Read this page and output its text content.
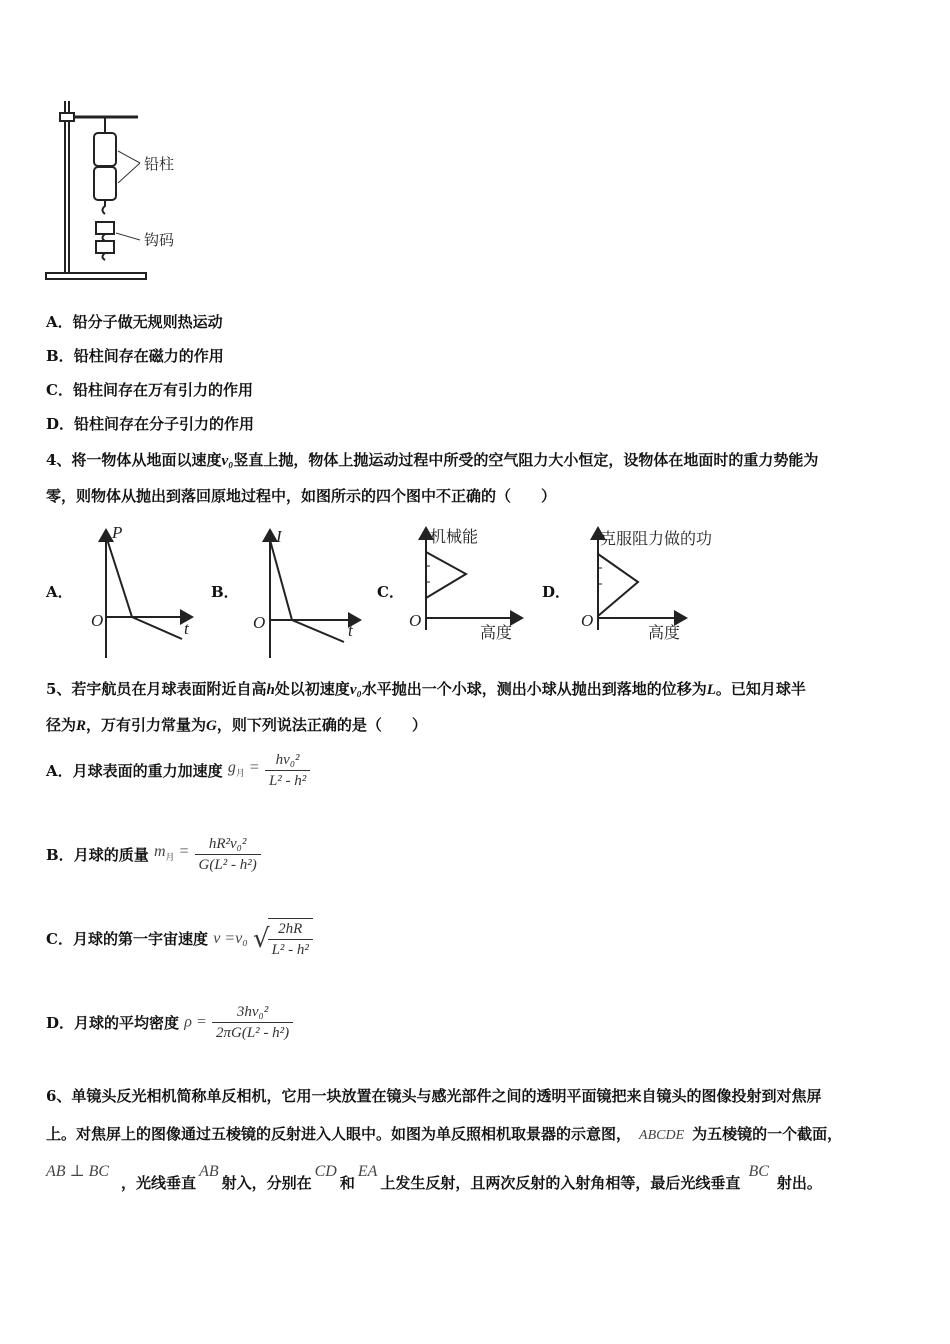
铅柱
钩码
A．铅分子做无规则热运动
B．铅柱间存在磁力的作用
C．铅柱间存在万有引力的作用
D．铅柱间存在分子引力的作用
4、将一物体从地面以速度v₀竖直上抛，物体上抛运动过程中所受的空气阻力大小恒定，设物体在地面时的重力势能为
零，则物体从抛出到落回原地过程中，如图所示的四个图中不正确的（　　）
A．	B．	C．	D．
P
t
O
I
t
O
机械能
高度
O
克服阻力做的功
高度
O
5、若宇航员在月球表面附近自高h处以初速度v₀水平抛出一个小球，测出小球从抛出到落地的位移为L。已知月球半
径为R，万有引力常量为G，则下列说法正确的是（　　）
A．月球表面的重力加速度 $g_月 = \frac{\text{hv₀²}}{\text{L² - h²}}$
B．月球的质量 $m_月 = \frac{\text{hR²v₀²}}{\text{G(L² - h²)}}$
C．月球的第一宇宙速度 v =v₀ √
$\frac{2hR}{\text{L² - h²}}$
D．月球的平均密度 $\rho = \frac{\text{3hv₀²}}{\text{2πG(L² - h²)}}$
6、单镜头反光相机简称单反相机，它用一块放置在镜头与感光部件之间的透明平面镜把来自镜头的图像投射到对焦屏
上。对焦屏上的图像通过五棱镜的反射进入人眼中。如图为单反照相机取景器的示意图， ABCDE 为五棱镜的一个截面，
AB ⊥ BC，光线垂直AB射入，分别在CD和EA上发生反射，且两次反射的入射角相等，最后光线垂直BC射出。
